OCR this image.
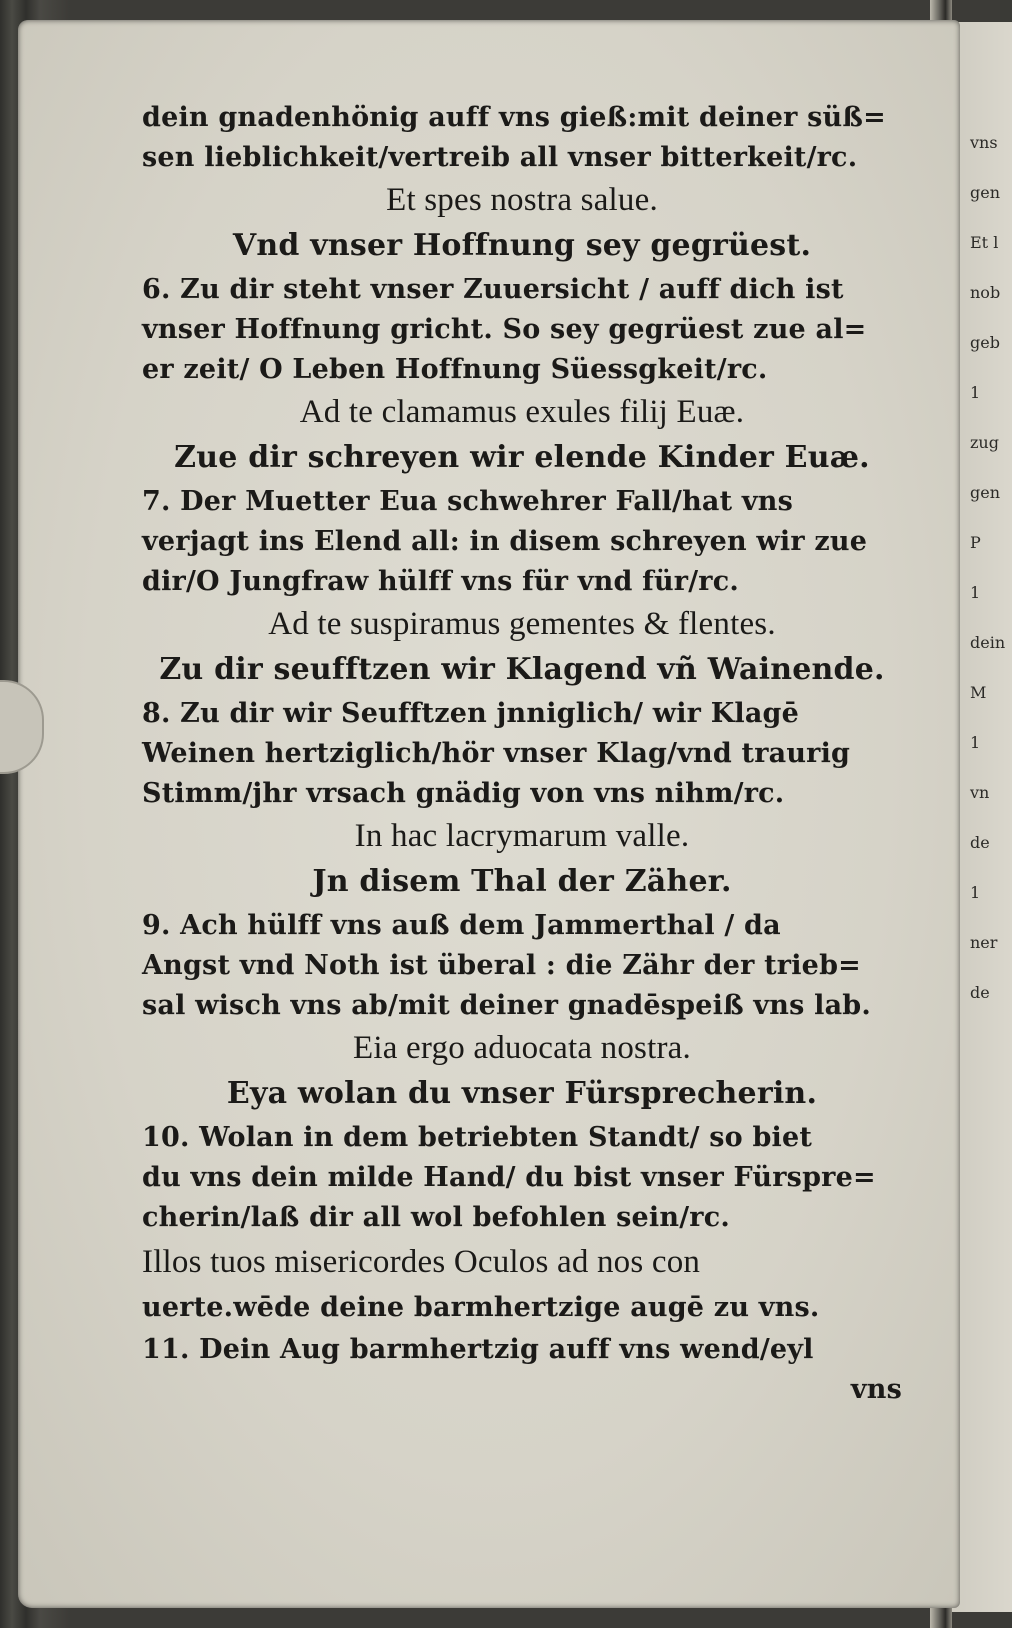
vns
gen
Et l
nob
geb
1
zug
gen
P
1
dein
M
1
vn
de
1
ner
de
dein gnadenhönig auff vns gieß:mit deiner süß=
sen lieblichkeit/vertreib all vnser bitterkeit/rc.
Et spes nostra salue.
Vnd vnser Hoffnung sey gegrüest.
6. Zu dir steht vnser Zuuersicht / auff dich ist
vnser Hoffnung gricht. So sey gegrüest zue al=
er zeit/ O Leben Hoffnung Süessgkeit/rc.
Ad te clamamus exules filij Euæ.
Zue dir schreyen wir elende Kinder Euæ.
7. Der Muetter Eua schwehrer Fall/hat vns
verjagt ins Elend all: in disem schreyen wir zue
dir/O Jungfraw hülff vns für vnd für/rc.
Ad te suspiramus gementes & flentes.
Zu dir seufftzen wir Klagend vñ Wainende.
8. Zu dir wir Seufftzen jnniglich/ wir Klagē
Weinen hertziglich/hör vnser Klag/vnd traurig
Stimm/jhr vrsach gnädig von vns nihm/rc.
In hac lacrymarum valle.
Jn disem Thal der Zäher.
9. Ach hülff vns auß dem Jammerthal / da
Angst vnd Noth ist überal : die Zähr der trieb=
sal wisch vns ab/mit deiner gnadēspeiß vns lab.
Eia ergo aduocata nostra.
Eya wolan du vnser Fürsprecherin.
10. Wolan in dem betriebten Standt/ so biet
du vns dein milde Hand/ du bist vnser Fürspre=
cherin/laß dir all wol befohlen sein/rc.
Illos tuos misericordes Oculos ad nos con
uerte.wēde deine barmhertzige augē zu vns.
11. Dein Aug barmhertzig auff vns wend/eyl
vns
